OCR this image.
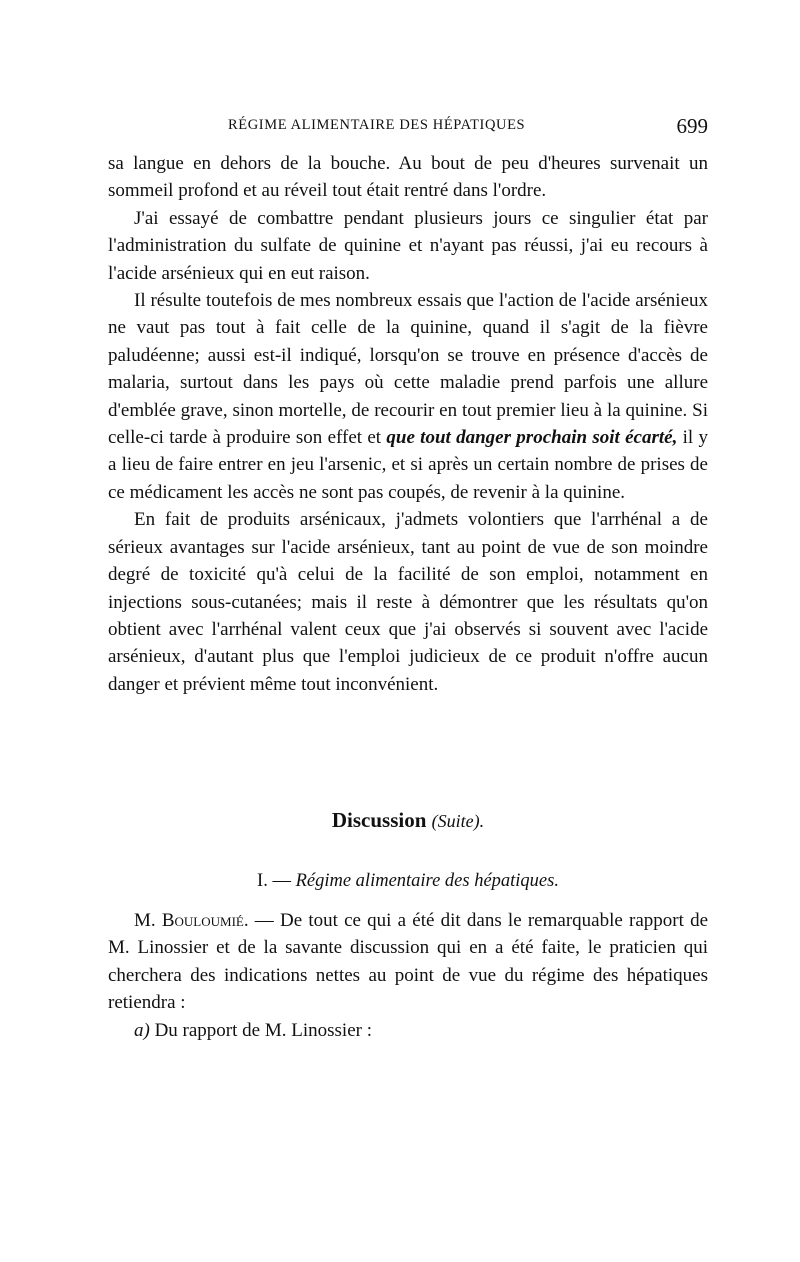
RÉGIME ALIMENTAIRE DES HÉPATIQUES	699

sa langue en dehors de la bouche. Au bout de peu d'heures survenait un sommeil profond et au réveil tout était rentré dans l'ordre.

J'ai essayé de combattre pendant plusieurs jours ce singulier état par l'administration du sulfate de quinine et n'ayant pas réussi, j'ai eu recours à l'acide arsénieux qui en eut raison.

Il résulte toutefois de mes nombreux essais que l'action de l'acide arsénieux ne vaut pas tout à fait celle de la quinine, quand il s'agit de la fièvre paludéenne; aussi est-il indiqué, lorsqu'on se trouve en présence d'accès de malaria, surtout dans les pays où cette maladie prend parfois une allure d'emblée grave, sinon mortelle, de recourir en tout premier lieu à la quinine. Si celle-ci tarde à produire son effet et que tout danger prochain soit écarté, il y a lieu de faire entrer en jeu l'arsenic, et si après un certain nombre de prises de ce médicament les accès ne sont pas coupés, de revenir à la quinine.

En fait de produits arsénicaux, j'admets volontiers que l'arrhénal a de sérieux avantages sur l'acide arsénieux, tant au point de vue de son moindre degré de toxicité qu'à celui de la facilité de son emploi, notamment en injections sous-cutanées; mais il reste à démontrer que les résultats qu'on obtient avec l'arrhénal valent ceux que j'ai observés si souvent avec l'acide arsénieux, d'autant plus que l'emploi judicieux de ce produit n'offre aucun danger et prévient même tout inconvénient.

Discussion (Suite).
I. — Régime alimentaire des hépatiques.

M. Bouloumié. — De tout ce qui a été dit dans le remarquable rapport de M. Linossier et de la savante discussion qui en a été faite, le praticien qui cherchera des indications nettes au point de vue du régime des hépatiques retiendra :

a) Du rapport de M. Linossier :
